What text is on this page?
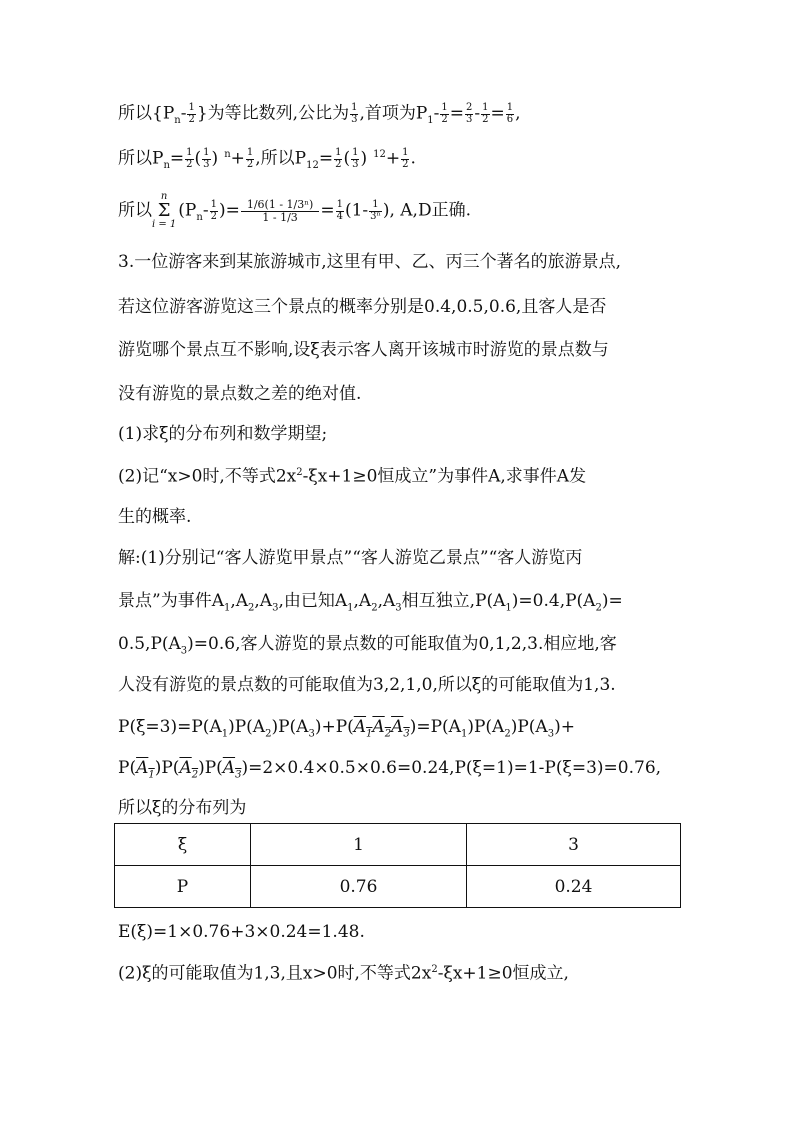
所以{$P_n- \frac{1}{2}$ }为等比数列,公比为 $\frac{1}{3}$ ,首项为$P_1- \frac{1}{2} = \frac{2}{3} - \frac{1}{2} = \frac{1}{6}$ ,
所以$P_n= \frac{1}{2}$ ( $\frac{1}{3}$ ) $^n+ \frac{1}{2}$ ,所以$P_{12}= \frac{1}{2}$ ( $\frac{1}{3}$ ) $^{12}+ \frac{1}{2}$ .
所以n
Σ
$i = 1(P_n- \frac{1}{2}$ )= $\frac{\text{1/6(1 - 1/3ⁿ)}}{1 - 1/3} = \frac{1}{4} (1- \frac{1}{\text{3ⁿ}}$ ), A,D正确.
3.一位游客来到某旅游城市,这里有甲、乙、丙三个著名的旅游景点,
若这位游客游览这三个景点的概率分别是0.4,0.5,0.6,且客人是否
游览哪个景点互不影响,设ξ表示客人离开该城市时游览的景点数与
没有游览的景点数之差的绝对值.
(1)求ξ的分布列和数学期望;
(2)记“x>0时,不等式$2x^2-\xi x+1\ge 0$恒成立”为事件A,求事件A发
生的概率.
解:(1)分别记“客人游览甲景点”“客人游览乙景点”“客人游览丙
景点”为事件$A_1,A_2,A_3$,由已知$A_1,A_2,A_3$相互独立$,P(A_1)=0.4,P(A_2)=$
$0.5,P(A_3)=0.6$,客人游览的景点数的可能取值为0,1,2,3.相应地,客
人没有游览的景点数的可能取值为3,2,1,0,所以ξ的可能取值为1,3.
$P(\xi=3)=P(A_1)P(A_2)P(A_3)+P(A_1A_2A_3)=P(A_1)P(A_2)P(A_3)+$
$P(A_1)P(A_2)P(A_3)=2\times 0.4\times 0.5\times 0.6=0.24,P(\xi=1)=1-P(\xi=3)=0.76$,
所以ξ的分布列为
ξ	1	3
P	0.76	0.24
E(ξ)=1×0.76+3×0.24=1.48.
(2)ξ的可能取值为1,3,且x>0时,不等式$2x^2-\xi x+1\ge 0$恒成立,
